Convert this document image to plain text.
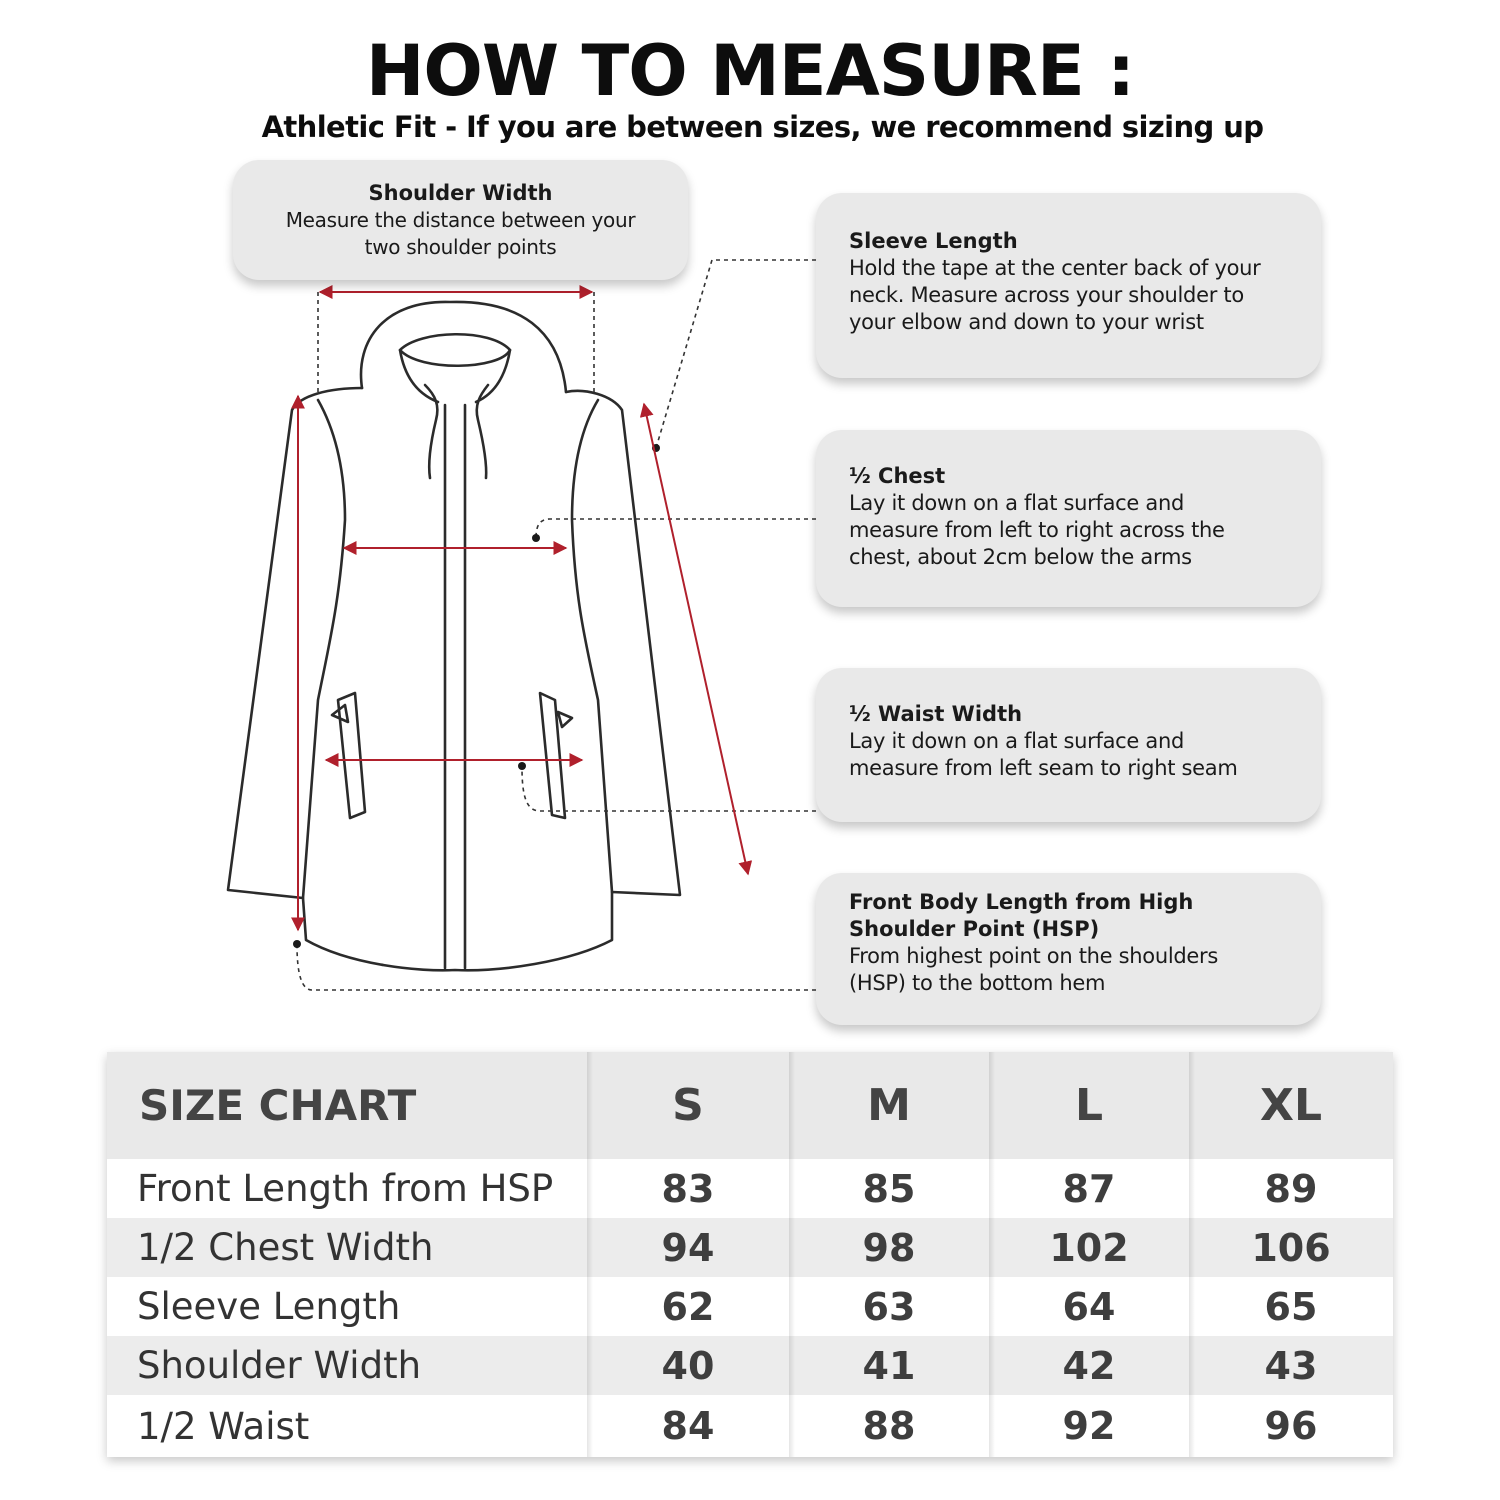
HOW TO MEASURE :
Athletic Fit - If you are between sizes, we recommend sizing up
Shoulder Width
Measure the distance between your
two shoulder points	Sleeve Length
Hold the tape at the center back of your
neck. Measure across your shoulder to
your elbow and down to your wrist
½ Chest
Lay it down on a flat surface and
measure from left to right across the
chest, about 2cm below the arms
½ Waist Width
Lay it down on a flat surface and
measure from left seam to right seam
Front Body Length from High
Shoulder Point (HSP)
From highest point on the shoulders
(HSP) to the bottom hem
SIZE CHART	S	M	L	XL
Front Length from HSP	83	85	87	89
1/2 Chest Width	94	98	102	106
Sleeve Length	62	63	64	65
Shoulder Width	40	41	42	43
1/2 Waist	84	88	92	96
